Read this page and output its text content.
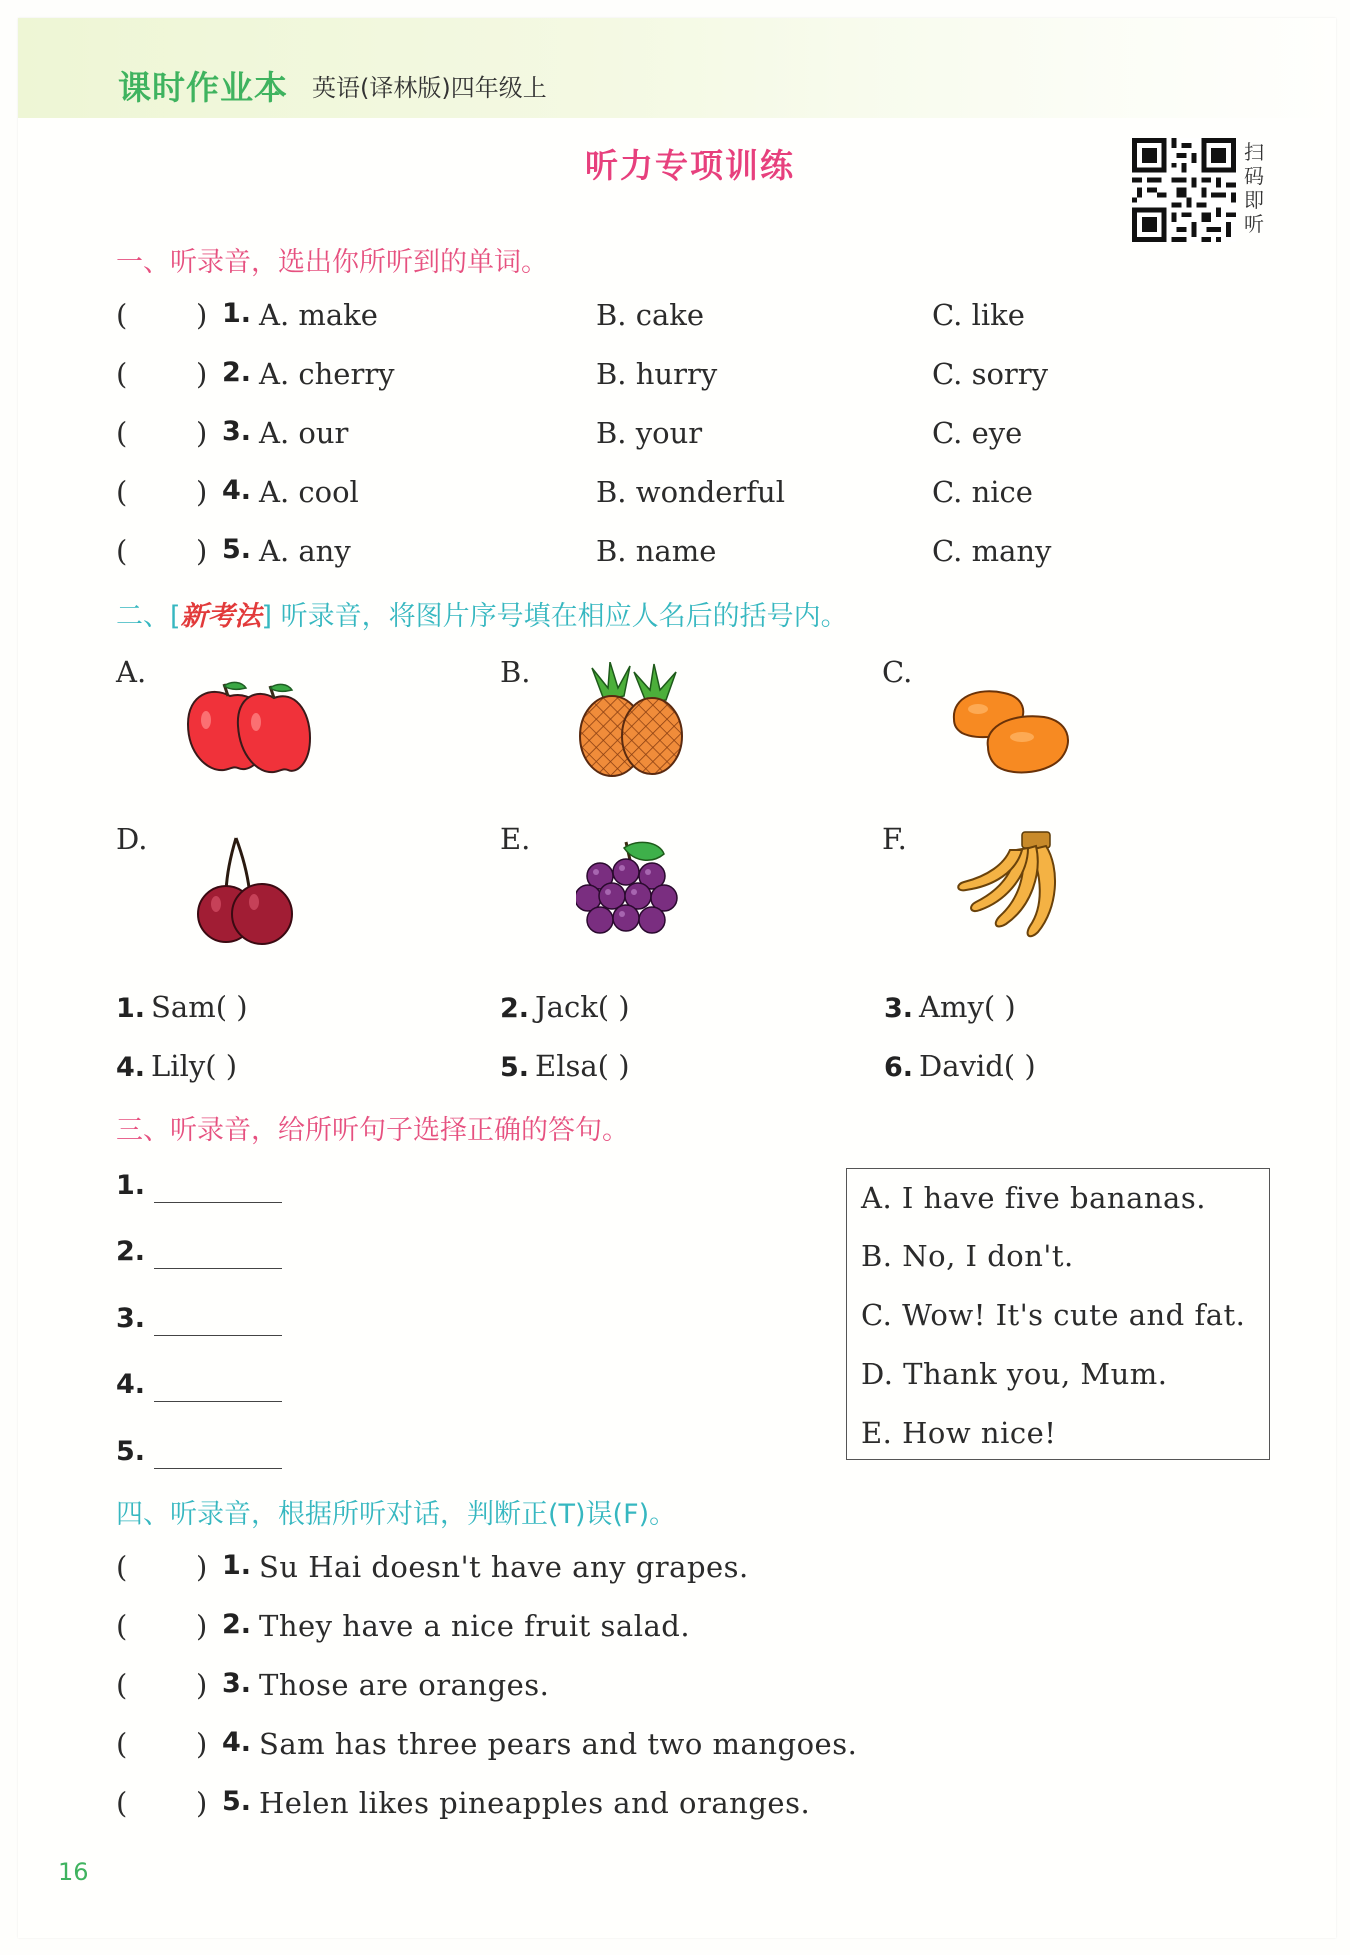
课时作业本 英语(译林版)四年级上
听力专项训练	扫
码
即
听
一、听录音，选出你所听到的单词。
( ) 1. A. make	B. cake	C. like
( ) 2. A. cherry	B. hurry	C. sorry
( ) 3. A. our	B. your	C. eye
( ) 4. A. cool	B. wonderful	C. nice
( ) 5. A. any	B. name	C. many
二、[新考法] 听录音，将图片序号填在相应人名后的括号内。
A.	B.	C.
D.	E.	F.
1. Sam( )	2. Jack( )	3. Amy( )
4. Lily( )	5. Elsa( )	6. David( )
三、听录音，给所听句子选择正确的答句。
1.
2.
3.
4.
5.
A. I have five bananas.
B. No, I don't.
C. Wow! It's cute and fat.
D. Thank you, Mum.
E. How nice!
四、听录音，根据所听对话，判断正(T)误(F)。
( ) 1. Su Hai doesn't have any grapes.
( ) 2. They have a nice fruit salad.
( ) 3. Those are oranges.
( ) 4. Sam has three pears and two mangoes.
( ) 5. Helen likes pineapples and oranges.
16
